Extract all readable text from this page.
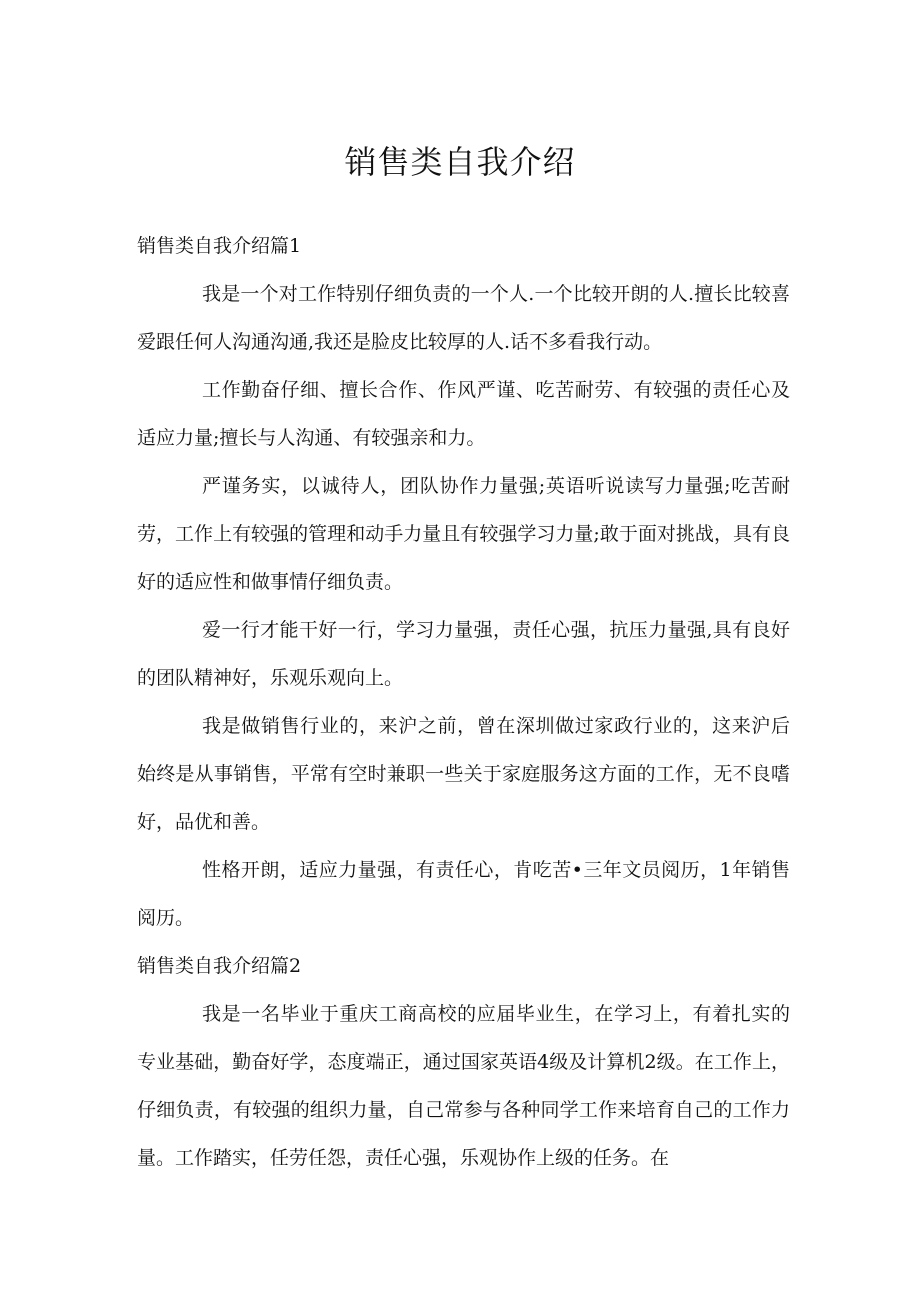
销售类自我介绍
销售类自我介绍篇1

我是一个对工作特别仔细负责的一个人.一个比较开朗的人.擅长比较喜爱跟任何人沟通沟通,我还是脸皮比较厚的人.话不多看我行动。

工作勤奋仔细、擅长合作、作风严谨、吃苦耐劳、有较强的责任心及适应力量;擅长与人沟通、有较强亲和力。

严谨务实，以诚待人，团队协作力量强;英语听说读写力量强;吃苦耐劳，工作上有较强的管理和动手力量且有较强学习力量;敢于面对挑战，具有良好的适应性和做事情仔细负责。

爱一行才能干好一行，学习力量强，责任心强，抗压力量强,具有良好的团队精神好，乐观乐观向上。

我是做销售行业的，来沪之前，曾在深圳做过家政行业的，这来沪后始终是从事销售，平常有空时兼职一些关于家庭服务这方面的工作，无不良嗜好，品优和善。

性格开朗，适应力量强，有责任心，肯吃苦•三年文员阅历，1年销售阅历。

销售类自我介绍篇2

我是一名毕业于重庆工商高校的应届毕业生，在学习上，有着扎实的专业基础，勤奋好学，态度端正，通过国家英语4级及计算机2级。在工作上，仔细负责，有较强的组织力量，自己常参与各种同学工作来培育自己的工作力量。工作踏实，任劳任怨，责任心强，乐观协作上级的任务。在
